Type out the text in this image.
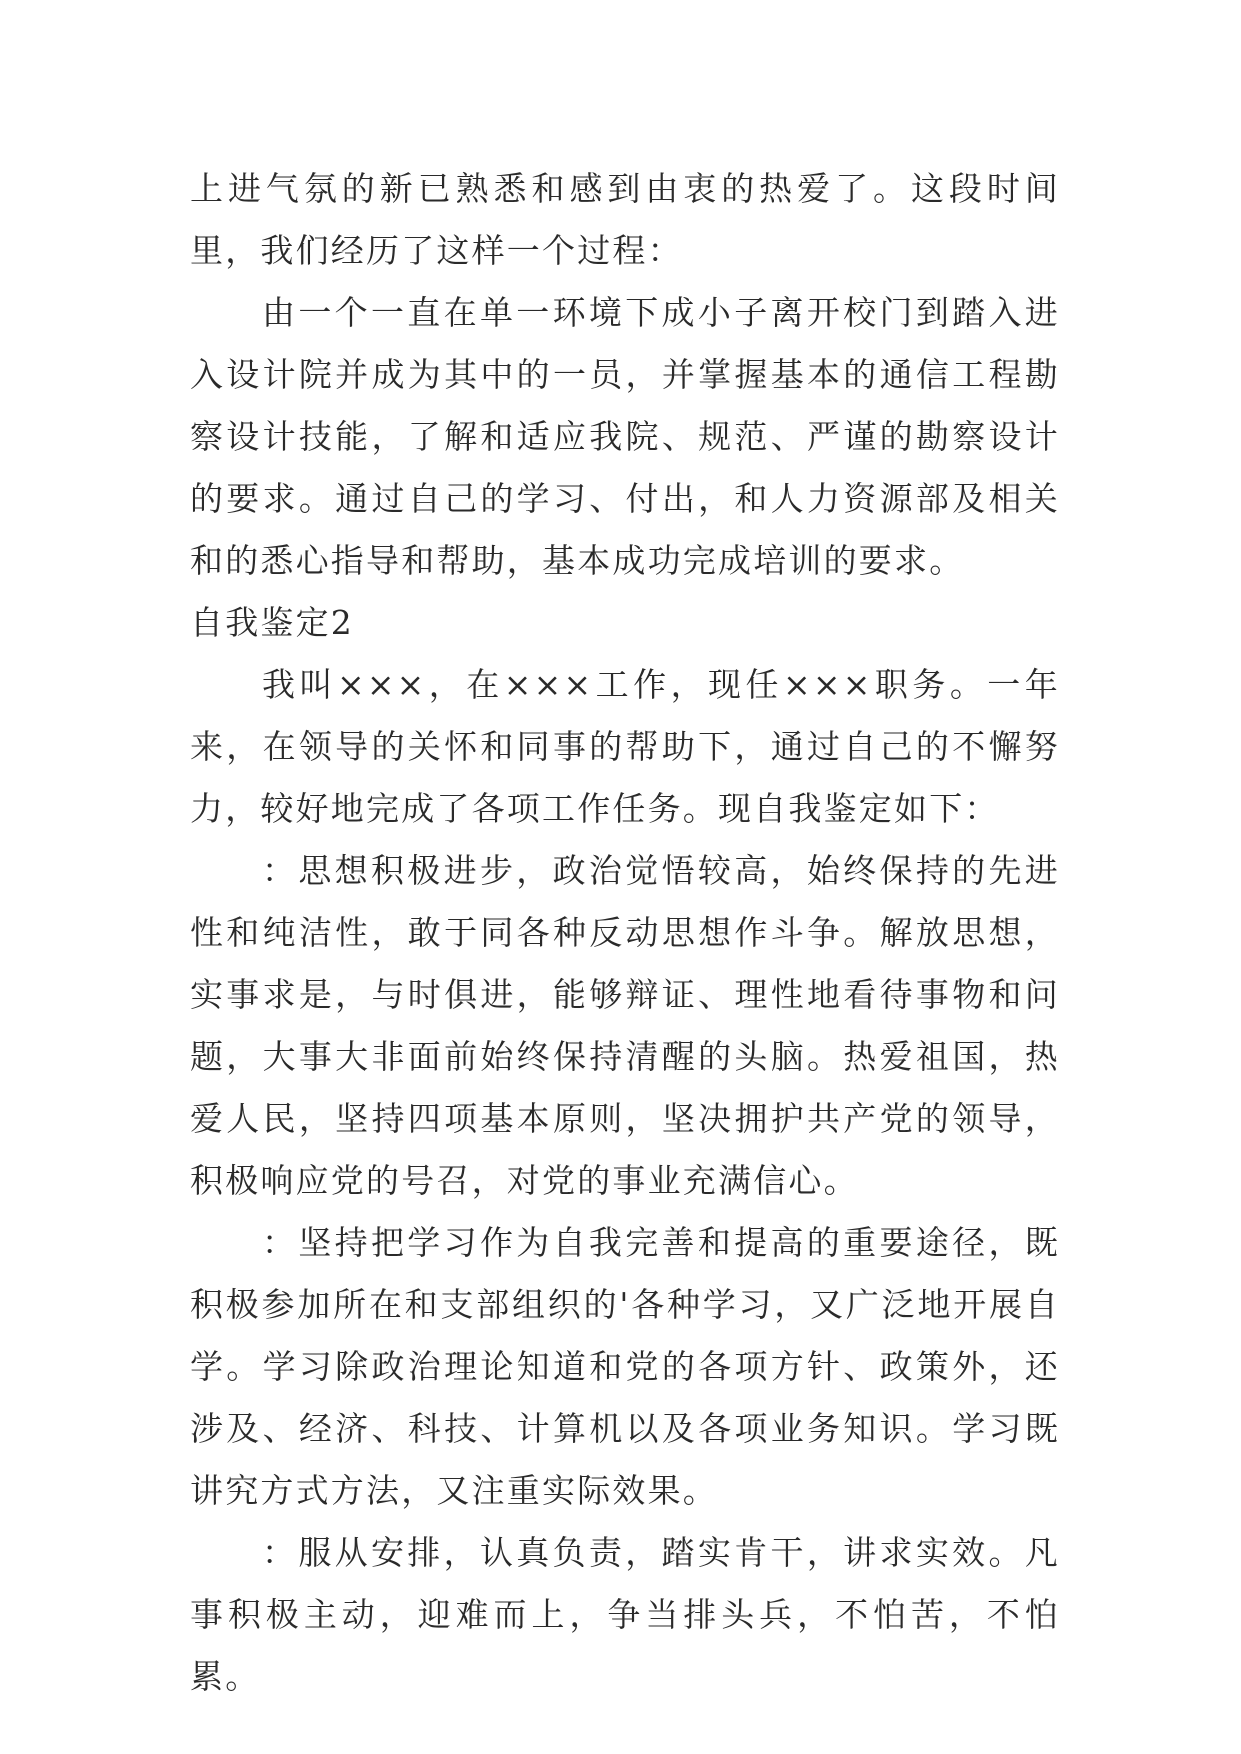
上进气氛的新已熟悉和感到由衷的热爱了。这段时间里，我们经历了这样一个过程：

由一个一直在单一环境下成小子离开校门到踏入进入设计院并成为其中的一员，并掌握基本的通信工程勘察设计技能，了解和适应我院、规范、严谨的勘察设计的要求。通过自己的学习、付出，和人力资源部及相关和的悉心指导和帮助，基本成功完成培训的要求。

自我鉴定2

我叫×××，在×××工作，现任×××职务。一年来，在领导的关怀和同事的帮助下，通过自己的不懈努力，较好地完成了各项工作任务。现自我鉴定如下：

：思想积极进步，政治觉悟较高，始终保持的先进性和纯洁性，敢于同各种反动思想作斗争。解放思想，实事求是，与时俱进，能够辩证、理性地看待事物和问题，大事大非面前始终保持清醒的头脑。热爱祖国，热爱人民，坚持四项基本原则，坚决拥护共产党的领导，积极响应党的号召，对党的事业充满信心。

：坚持把学习作为自我完善和提高的重要途径，既积极参加所在和支部组织的'各种学习，又广泛地开展自学。学习除政治理论知道和党的各项方针、政策外，还涉及、经济、科技、计算机以及各项业务知识。学习既讲究方式方法，又注重实际效果。

：服从安排，认真负责，踏实肯干，讲求实效。凡事积极主动，迎难而上，争当排头兵，不怕苦，不怕累。
